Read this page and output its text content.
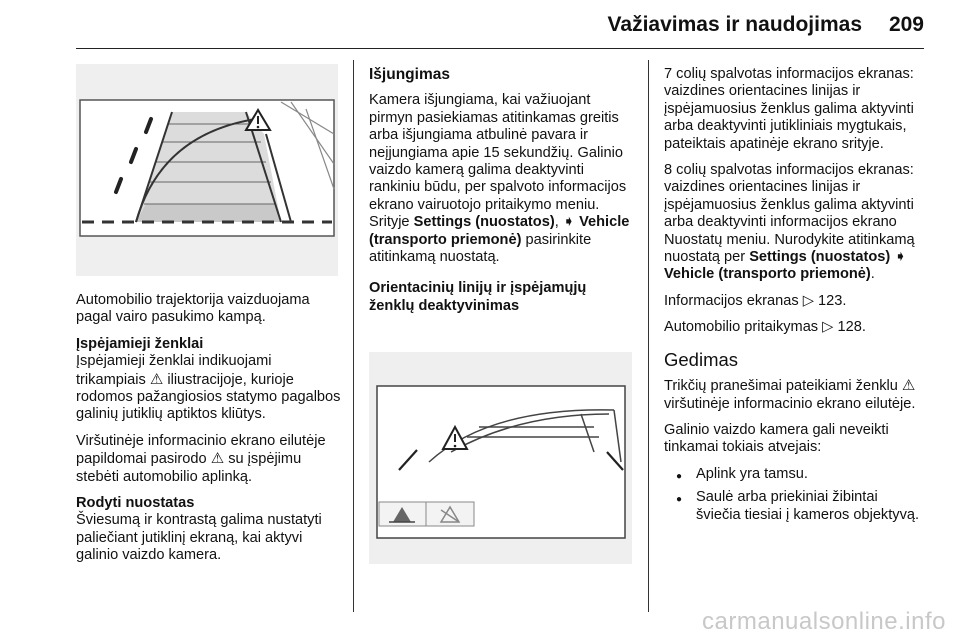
Važiavimas ir naudojimas 209

Automobilio trajektorija vaizduojama pagal vairo pasukimo kampą.

Įspėjamieji ženklai

Įspėjamieji ženklai indikuojami trikampiais ⚠ iliustracijoje, kurioje rodomos pažangiosios statymo pagalbos galinių jutiklių aptiktos kliūtys.

Viršutinėje informacinio ekrano eilutėje papildomai pasirodo ⚠ su įspėjimu stebėti automobilio aplinką.

Rodyti nuostatas

Šviesumą ir kontrastą galima nustatyti paliečiant jutiklinį ekraną, kai aktyvi galinio vaizdo kamera.

Išjungimas

Kamera išjungiama, kai važiuojant pirmyn pasiekiamas atitinkamas greitis arba išjungiama atbulinė pavara ir neįjungiama apie 15 sekundžių. Galinio vaizdo kamerą galima deaktyvinti rankiniu būdu, per spalvoto informacijos ekrano vairuotojo pritaikymo meniu. Srityje Settings (nuostatos), ➧ Vehicle (transporto priemonė) pasirinkite atitinkamą nuostatą.

Orientacinių linijų ir įspėjamųjų ženklų deaktyvinimas

7 colių spalvotas informacijos ekranas: vaizdines orientacines linijas ir įspėjamuosius ženklus galima aktyvinti arba deaktyvinti jutikliniais mygtukais, pateiktais apatinėje ekrano srityje.

8 colių spalvotas informacijos ekranas: vaizdines orientacines linijas ir įspėjamuosius ženklus galima aktyvinti arba deaktyvinti informacijos ekrano Nuostatų meniu. Nurodykite atitinkamą nuostatą per Settings (nuostatos) ➧ Vehicle (transporto priemonė).

Informacijos ekranas ▷ 123.

Automobilio pritaikymas ▷ 128.

Gedimas

Trikčių pranešimai pateikiami ženklu ⚠ viršutinėje informacinio ekrano eilutėje.

Galinio vaizdo kamera gali neveikti tinkamai tokiais atvejais:

● Aplink yra tamsu.
● Saulė arba priekiniai žibintai šviečia tiesiai į kameros objektyvą.
carmanualsonline.info
